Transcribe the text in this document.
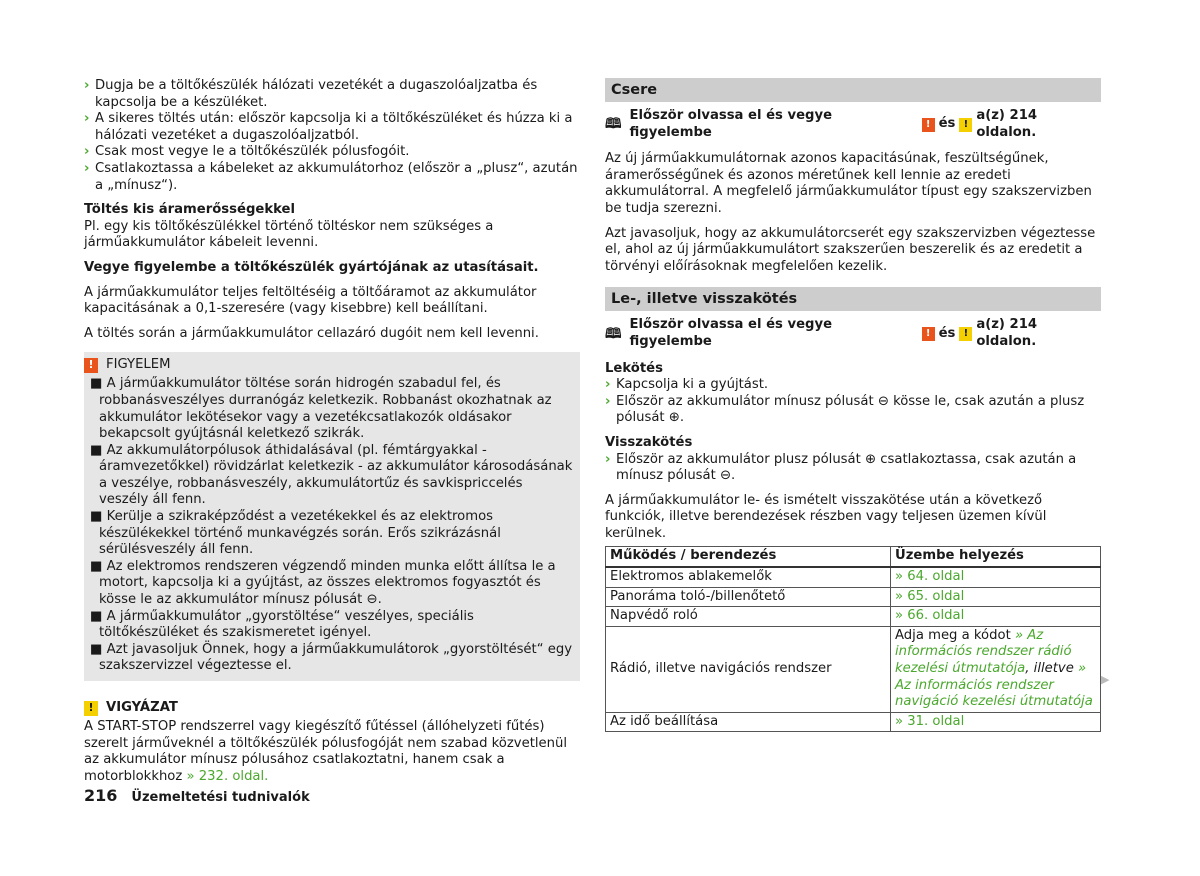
› Dugja be a töltőkészülék hálózati vezetékét a dugaszolóaljzatba és kapcsolja be a készüléket.
› A sikeres töltés után: először kapcsolja ki a töltőkészüléket és húzza ki a hálózati vezetéket a dugaszolóaljzatból.
› Csak most vegye le a töltőkészülék pólusfogóit.
› Csatlakoztassa a kábeleket az akkumulátorhoz (először a „plusz“, azután a „mínusz“).

Töltés kis áramerősségekkel

Pl. egy kis töltőkészülékkel történő töltéskor nem szükséges a járműakkumulátor kábeleit levenni.

Vegye figyelembe a töltőkészülék gyártójának az utasításait.

A járműakkumulátor teljes feltöltéséig a töltőáramot az akkumulátor kapacitásának a 0,1-szeresére (vagy kisebbre) kell beállítani.

A töltés során a járműakkumulátor cellazáró dugóit nem kell levenni.

! FIGYELEM

■ A járműakkumulátor töltése során hidrogén szabadul fel, és robbanásveszélyes durranógáz keletkezik. Robbanást okozhatnak az akkumulátor lekötésekor vagy a vezetékcsatlakozók oldásakor bekapcsolt gyújtásnál keletkező szikrák.

■ Az akkumulátorpólusok áthidalásával (pl. fémtárgyakkal - áramvezetőkkel) rövidzárlat keletkezik - az akkumulátor károsodásának a veszélye, robbanásveszély, akkumulátortűz és savkispriccelés veszély áll fenn.

■ Kerülje a szikraképződést a vezetékekkel és az elektromos készülékekkel történő munkavégzés során. Erős szikrázásnál sérülésveszély áll fenn.

■ Az elektromos rendszeren végzendő minden munka előtt állítsa le a motort, kapcsolja ki a gyújtást, az összes elektromos fogyasztót és kösse le az akkumulátor mínusz pólusát ⊖.

■ A járműakkumulátor „gyorstöltése“ veszélyes, speciális töltőkészüléket és szakismeretet igényel.

■ Azt javasoljuk Önnek, hogy a járműakkumulátorok „gyorstöltését“ egy szakszervizzel végeztesse el.

! VIGYÁZAT

A START-STOP rendszerrel vagy kiegészítő fűtéssel (állóhelyzeti fűtés) szerelt járműveknél a töltőkészülék pólusfogóját nem szabad közvetlenül az akkumulátor mínusz pólusához csatlakoztatni, hanem csak a motorblokkhoz » 232. oldal.

Csere
🕮
Először olvassa el és vegye figyelembe
! és !
a(z) 214 oldalon.

Az új járműakkumulátornak azonos kapacitásúnak, feszültségűnek, áramerősségűnek és azonos méretűnek kell lennie az eredeti akkumulátorral. A megfelelő járműakkumulátor típust egy szakszervizben be tudja szerezni.

Azt javasoljuk, hogy az akkumulátorcserét egy szakszervizben végeztesse el, ahol az új járműakkumulátort szakszerűen beszerelik és az eredetit a törvényi előírásoknak megfelelően kezelik.

Le-, illetve visszakötés
🕮
Először olvassa el és vegye figyelembe
! és !
a(z) 214 oldalon.

Lekötés

› Kapcsolja ki a gyújtást.
› Először az akkumulátor mínusz pólusát ⊖ kösse le, csak azután a plusz pólusát ⊕.

Visszakötés

› Először az akkumulátor plusz pólusát ⊕ csatlakoztassa, csak azután a mínusz pólusát ⊖.

A járműakkumulátor le- és ismételt visszakötése után a következő funkciók, illetve berendezések részben vagy teljesen üzemen kívül kerülnek.

Működés / berendezés	Üzembe helyezés
Elektromos ablakemelők	» 64. oldal
Panoráma toló-/billenőtető	» 65. oldal
Napvédő roló	» 66. oldal
Rádió, illetve navigációs rendszer	Adja meg a kódot » Az információs rendszer rádió kezelési útmutatója, illetve » Az információs rendszer navigáció kezelési útmutatója
Az idő beállítása	» 31. oldal
▶
216 Üzemeltetési tudnivalók
